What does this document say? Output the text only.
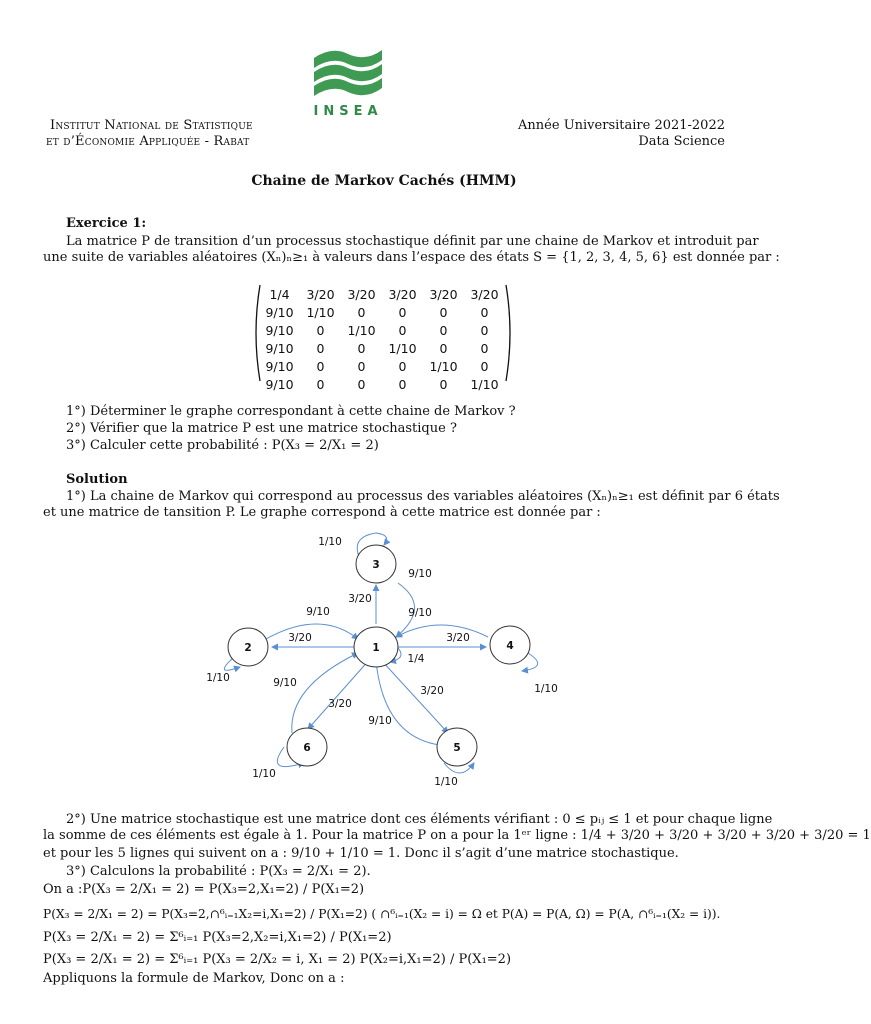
INSEA
Institut National de Statistique
et d’Économie Appliquée - Rabat
Année Universitaire 2021-2022
Data Science
Chaine de Markov Cachés (HMM)
Exercice 1:
La matrice P de transition d’un processus stochastique définit par une chaine de Markov et introduit par
une suite de variables aléatoires (Xₙ)ₙ≥₁ à valeurs dans l’espace des états S = {1, 2, 3, 4, 5, 6} est donnée par :
1/4	3/20	3/20	3/20	3/20	3/20
9/10	1/10	0	0	0	0
9/10	0	1/10	0	0	0
9/10	0	0	1/10	0	0
9/10	0	0	0	1/10	0
9/10	0	0	0	0	1/10
1°) Déterminer le graphe correspondant à cette chaine de Markov ?
2°) Vérifier que la matrice P est une matrice stochastique ?
3°) Calculer cette probabilité : P(X₃ = 2/X₁ = 2)
Solution
1°) La chaine de Markov qui correspond au processus des variables aléatoires (Xₙ)ₙ≥₁ est définit par 6 états
et une matrice de tansition P. Le graphe correspond à cette matrice est donnée par :
1
2
3
4
5
6
1/10
9/10
3/20
9/10
3/20
1/10
9/10
3/20
1/10
1/4
9/10
3/20
1/10
3/20
9/10
1/10
2°) Une matrice stochastique est une matrice dont ces éléments vérifiant : 0 ≤ pᵢⱼ ≤ 1 et pour chaque ligne
la somme de ces éléments est égale à 1. Pour la matrice P on a pour la 1ᵉʳ ligne : 1/4 + 3/20 + 3/20 + 3/20 + 3/20 + 3/20 = 1
et pour les 5 lignes qui suivent on a : 9/10 + 1/10 = 1. Donc il s’agit d’une matrice stochastique.
3°) Calculons la probabilité : P(X₃ = 2/X₁ = 2).
On a :P(X₃ = 2/X₁ = 2) = P(X₃=2,X₁=2) / P(X₁=2)
P(X₃ = 2/X₁ = 2) = P(X₃=2,∩⁶ᵢ₌₁X₂=i,X₁=2) / P(X₁=2) ( ∩⁶ᵢ₌₁(X₂ = i) = Ω et P(A) = P(A, Ω) = P(A, ∩⁶ᵢ₌₁(X₂ = i)).
P(X₃ = 2/X₁ = 2) = Σ⁶ᵢ₌₁ P(X₃=2,X₂=i,X₁=2) / P(X₁=2)
P(X₃ = 2/X₁ = 2) = Σ⁶ᵢ₌₁ P(X₃ = 2/X₂ = i, X₁ = 2) P(X₂=i,X₁=2) / P(X₁=2)
Appliquons la formule de Markov, Donc on a :
